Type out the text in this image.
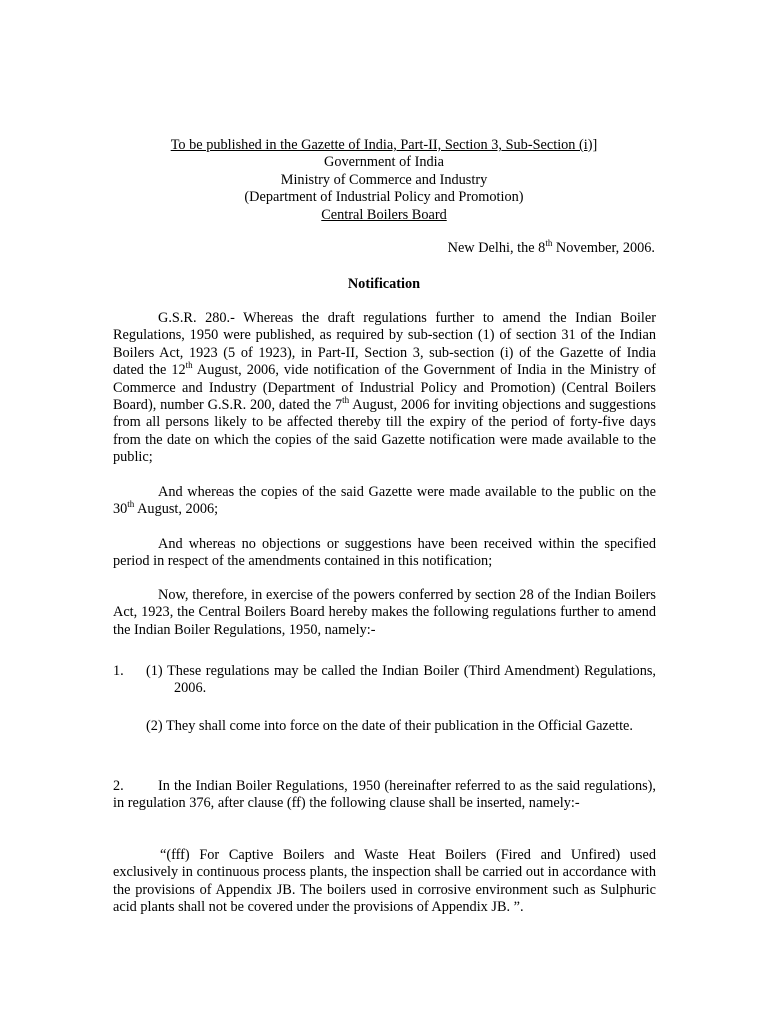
To be published in the Gazette of India, Part-II, Section 3, Sub-Section (i)]

Government of India

Ministry of Commerce and Industry

(Department of Industrial Policy and Promotion)

Central Boilers Board

New Delhi, the 8th November, 2006.

Notification

G.S.R. 280.- Whereas the draft regulations further to amend the Indian Boiler Regulations, 1950 were published, as required by sub-section (1) of section 31 of the Indian Boilers Act, 1923 (5 of 1923), in Part-II, Section 3, sub-section (i) of the Gazette of India dated the 12th August, 2006, vide notification of the Government of India in the Ministry of Commerce and Industry (Department of Industrial Policy and Promotion) (Central Boilers Board), number G.S.R. 200, dated the 7th August, 2006 for inviting objections and suggestions from all persons likely to be affected thereby till the expiry of the period of forty-five days from the date on which the copies of the said Gazette notification were made available to the public;

And whereas the copies of the said Gazette were made available to the public on the 30th August, 2006;

And whereas no objections or suggestions have been received within the specified period in respect of the amendments contained in this notification;

Now, therefore, in exercise of the powers conferred by section 28 of the Indian Boilers Act, 1923, the Central Boilers Board hereby makes the following regulations further to amend the Indian Boiler Regulations, 1950, namely:-

1. (1) These regulations may be called the Indian Boiler (Third Amendment) Regulations, 2006.

(2) They shall come into force on the date of their publication in the Official Gazette.

2.	In the Indian Boiler Regulations, 1950 (hereinafter referred to as the said regulations), in regulation 376, after clause (ff) the following clause shall be inserted, namely:-

“(fff) For Captive Boilers and Waste Heat Boilers (Fired and Unfired) used exclusively in continuous process plants, the inspection shall be carried out in accordance with the provisions of Appendix JB. The boilers used in corrosive environment such as Sulphuric acid plants shall not be covered under the provisions of Appendix JB. ”.
